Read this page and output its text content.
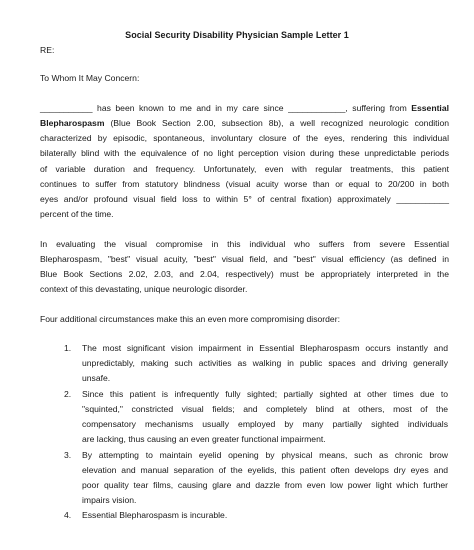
Social Security Disability Physician Sample Letter 1
RE:
To Whom It May Concern:
___________ has been known to me and in my care since ____________, suffering from Essential
Blepharospasm (Blue Book Section 2.00, subsection 8b), a well recognized neurologic condition
characterized by episodic, spontaneous, involuntary closure of the eyes, rendering this individual
bilaterally blind with the equivalence of no light perception vision during these unpredictable periods
of variable duration and frequency. Unfortunately, even with regular treatments, this patient
continues to suffer from statutory blindness (visual acuity worse than or equal to 20/200 in both
eyes and/or profound visual field loss to within 5° of central fixation) approximately ___________
percent of the time.
In evaluating the visual compromise in this individual who suffers from severe Essential
Blepharospasm, "best" visual acuity, "best" visual field, and "best" visual efficiency (as defined in
Blue Book Sections 2.02, 2.03, and 2.04, respectively) must be appropriately interpreted in the
context of this devastating, unique neurologic disorder.
Four additional circumstances make this an even more compromising disorder:
1. The most significant vision impairment in Essential Blepharospasm occurs instantly and
unpredictably, making such activities as walking in public spaces and driving generally
unsafe.
2. Since this patient is infrequently fully sighted; partially sighted at other times due to
"squinted," constricted visual fields; and completely blind at others, most of the
compensatory mechanisms usually employed by many partially sighted individuals
are lacking, thus causing an even greater functional impairment.
3. By attempting to maintain eyelid opening by physical means, such as chronic brow
elevation and manual separation of the eyelids, this patient often develops dry eyes and
poor quality tear films, causing glare and dazzle from even low power light which further
impairs vision.
4. Essential Blepharospasm is incurable.
